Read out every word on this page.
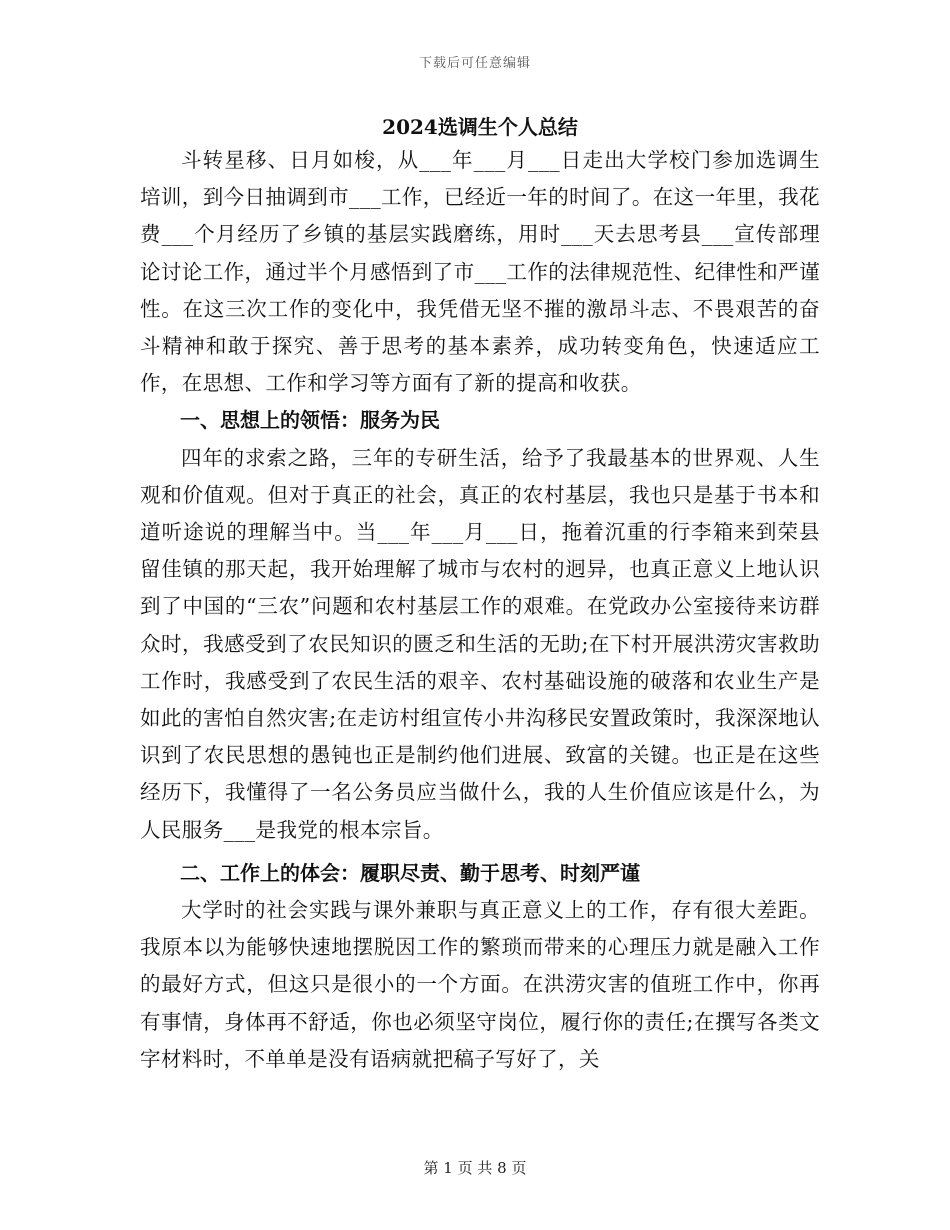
下载后可任意编辑
2024选调生个人总结

斗转星移、日月如梭，从___年___月___日走出大学校门参加选调生培训，到今日抽调到市___工作，已经近一年的时间了。在这一年里，我花费___个月经历了乡镇的基层实践磨练，用时___天去思考县___宣传部理论讨论工作，通过半个月感悟到了市___工作的法律规范性、纪律性和严谨性。在这三次工作的变化中，我凭借无坚不摧的激昂斗志、不畏艰苦的奋斗精神和敢于探究、善于思考的基本素养，成功转变角色，快速适应工作，在思想、工作和学习等方面有了新的提高和收获。

一、思想上的领悟：服务为民

四年的求索之路，三年的专研生活，给予了我最基本的世界观、人生观和价值观。但对于真正的社会，真正的农村基层，我也只是基于书本和道听途说的理解当中。当___年___月___日，拖着沉重的行李箱来到荣县留佳镇的那天起，我开始理解了城市与农村的迥异，也真正意义上地认识到了中国的“三农”问题和农村基层工作的艰难。在党政办公室接待来访群众时，我感受到了农民知识的匮乏和生活的无助;在下村开展洪涝灾害救助工作时，我感受到了农民生活的艰辛、农村基础设施的破落和农业生产是如此的害怕自然灾害;在走访村组宣传小井沟移民安置政策时，我深深地认识到了农民思想的愚钝也正是制约他们进展、致富的关键。也正是在这些经历下，我懂得了一名公务员应当做什么，我的人生价值应该是什么，为人民服务___是我党的根本宗旨。

二、工作上的体会：履职尽责、勤于思考、时刻严谨

大学时的社会实践与课外兼职与真正意义上的工作，存有很大差距。我原本以为能够快速地摆脱因工作的繁琐而带来的心理压力就是融入工作的最好方式，但这只是很小的一个方面。在洪涝灾害的值班工作中，你再有事情，身体再不舒适，你也必须坚守岗位，履行你的责任;在撰写各类文字材料时，不单单是没有语病就把稿子写好了，关

第 1 页 共 8 页
